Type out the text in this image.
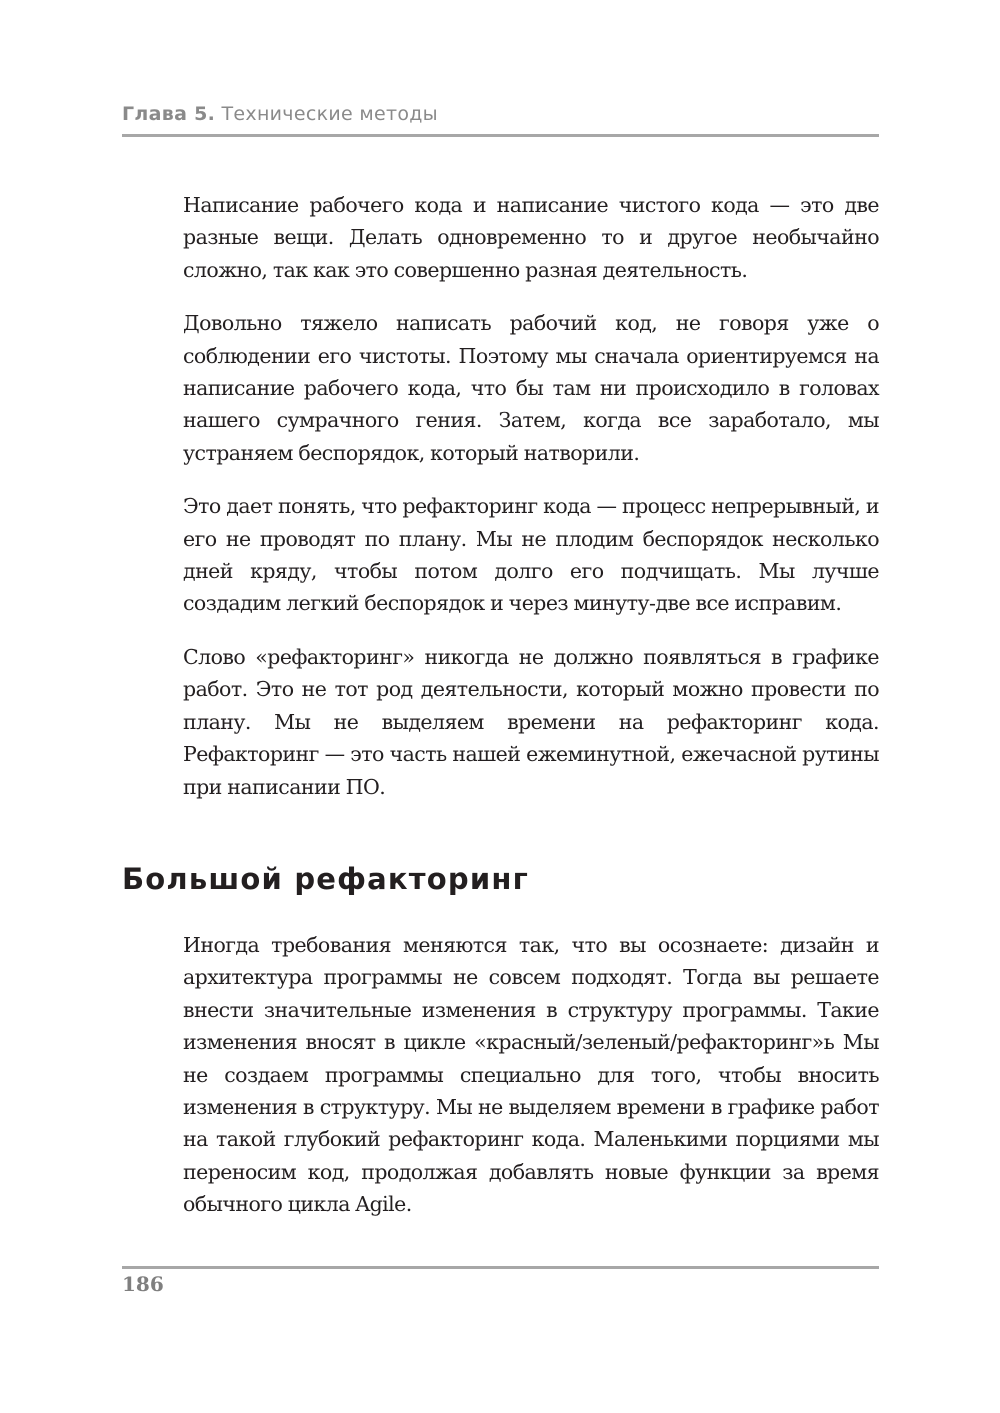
Глава 5. Технические методы

Написание рабочего кода и написание чистого кода — это две разные вещи. Делать одновременно то и другое необычайно сложно, так как это совершенно разная деятельность.

Довольно тяжело написать рабочий код, не говоря уже о соблюдении его чистоты. Поэтому мы сначала ориентируемся на написание рабочего кода, что бы там ни происходило в головах нашего сумрачного гения. Затем, когда все заработало, мы устраняем беспорядок, который натворили.

Это дает понять, что рефакторинг кода — процесс непрерывный, и его не проводят по плану. Мы не плодим беспорядок несколько дней кряду, чтобы потом долго его подчищать. Мы лучше создадим легкий беспорядок и через минуту-две все исправим.

Слово «рефакторинг» никогда не должно появляться в графике работ. Это не тот род деятельности, который можно провести по плану. Мы не выделяем времени на рефакторинг кода. Рефакторинг — это часть нашей ежеминутной, ежечасной рутины при написании ПО.

Большой рефакторинг

Иногда требования меняются так, что вы осознаете: дизайн и архитектура программы не совсем подходят. Тогда вы решаете внести значительные изменения в структуру программы. Такие изменения вносят в цикле «красный/зеленый/рефакторинг»ь Мы не создаем программы специально для того, чтобы вносить изменения в структуру. Мы не выделяем времени в графике работ на такой глубокий рефакторинг кода. Маленькими порциями мы переносим код, продолжая добавлять новые функции за время обычного цикла Agile.

186
